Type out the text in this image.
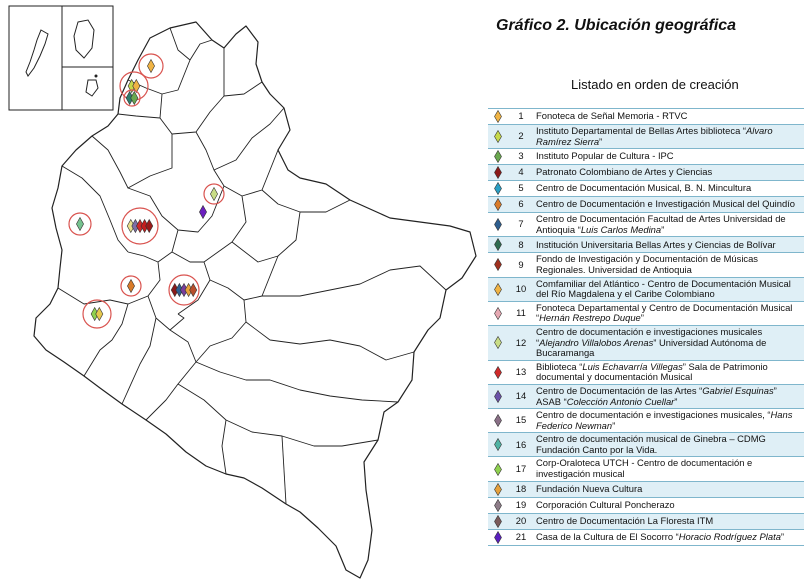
Gráfico 2. Ubicación geográfica
Listado en orden de creación
	1	Fonoteca de Señal Memoria - RTVC

	2	Instituto Departamental de Bellas Artes biblioteca “Alvaro Ramírez Sierra”

	3	Instituto Popular de Cultura - IPC

	4	Patronato Colombiano de Artes y Ciencias

	5	Centro de Documentación Musical, B. N. Mincultura

	6	Centro de Documentación e Investigación Musical del Quindío

	7	Centro de Documentación Facultad de Artes Universidad de Antioquia “Luis Carlos Medina”

	8	Institución Universitaria Bellas Artes y Ciencias de Bolívar

	9	Fondo de Investigación y Documentación de Músicas Regionales. Universidad de Antioquia

	10	Comfamiliar del Atlántico - Centro de Documentación Musical del Río Magdalena y el Caribe Colombiano

	11	Fonoteca Departamental y Centro de Documentación Musical “Hernán Restrepo Duque”

	12	Centro de documentación e investigaciones musicales “Alejandro Villalobos Arenas” Universidad Autónoma de Bucaramanga

	13	Biblioteca “Luis Echavarría Villegas” Sala de Patrimonio documental y documentación Musical

	14	Centro de Documentación de las Artes “Gabriel Esquinas” ASAB “Colección Antonio Cuellar”

	15	Centro de documentación e investigaciones musicales, “Hans Federico Newman”

	16	Centro de documentación musical de Ginebra – CDMG Fundación Canto por la Vida.

	17	Corp-Oraloteca UTCH - Centro de documentación e investigación musical

	18	Fundación Nueva Cultura

	19	Corporación Cultural Poncherazo

	20	Centro de Documentación La Floresta ITM

	21	Casa de la Cultura de El Socorro “Horacio Rodríguez Plata”
